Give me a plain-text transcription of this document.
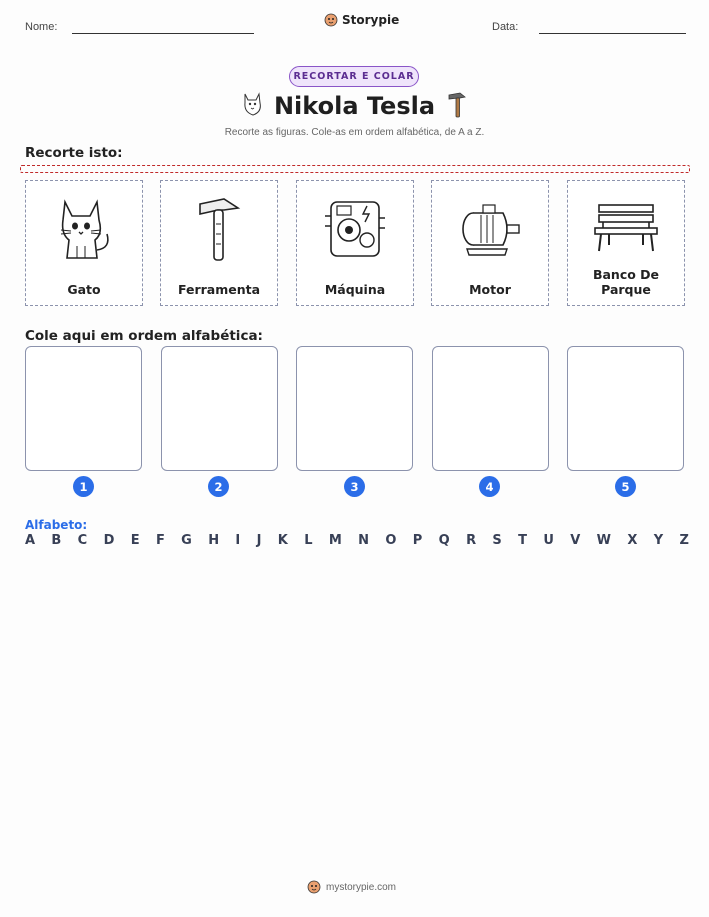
Nome:	Storypie	Data:
RECORTAR E COLAR
Nikola Tesla
Recorte as figuras. Cole-as em ordem alfabética, de A a Z.
Recorte isto:
Gato	Ferramenta	Máquina	Motor
Banco De Parque
Cole aqui em ordem alfabética:
1	2	3	4	5
Alfabeto:
A B C D E F G H I J K L M N O P Q R S T U V W X Y Z
mystorypie.com
